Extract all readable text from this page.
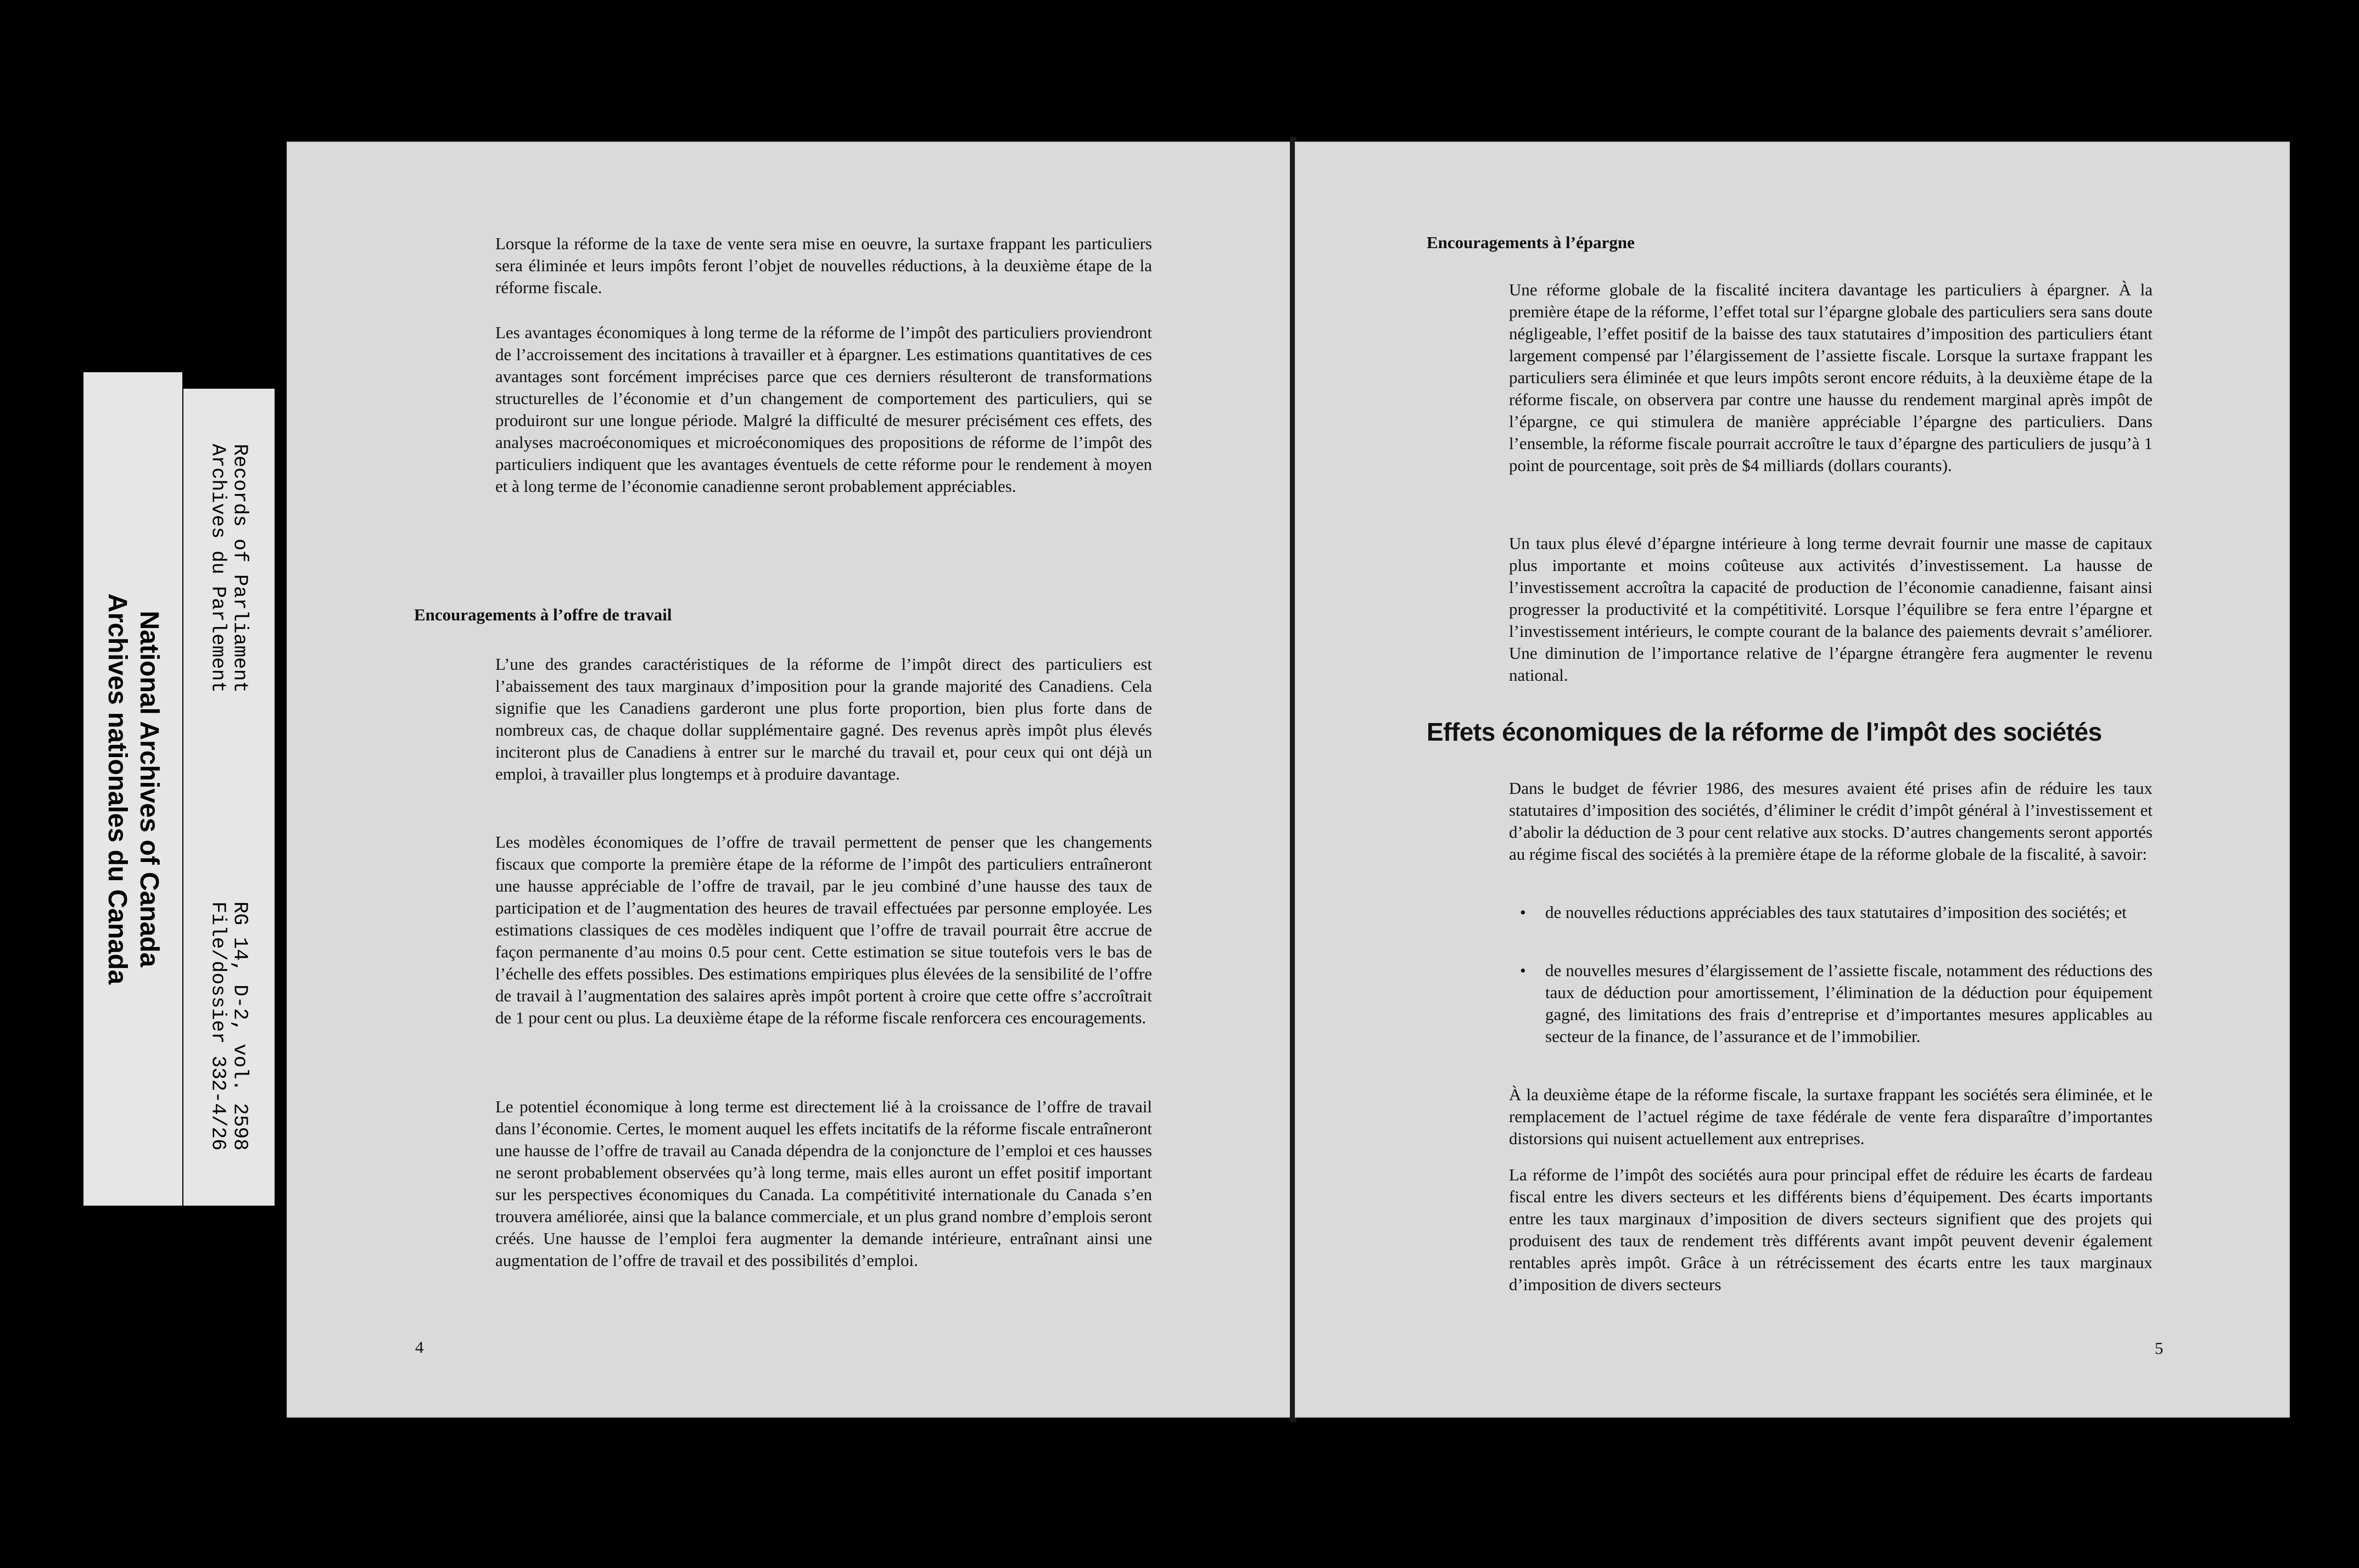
National Archives of Canada
Archives nationales du Canada
Records of Parliament
Archives du Parlement
RG 14, D-2, vol. 2598
File/dossier 332-4/26

Lorsque la réforme de la taxe de vente sera mise en oeuvre, la surtaxe frappant les particuliers sera éliminée et leurs impôts feront l’objet de nouvelles réductions, à la deuxième étape de la réforme fiscale.

Les avantages économiques à long terme de la réforme de l’impôt des particuliers proviendront de l’accroissement des incitations à travailler et à épargner. Les estimations quantitatives de ces avantages sont forcément imprécises parce que ces derniers résulteront de transformations structurelles de l’économie et d’un changement de comportement des particuliers, qui se produiront sur une longue période. Malgré la difficulté de mesurer précisément ces effets, des analyses macroéconomiques et microéconomiques des propositions de réforme de l’impôt des particuliers indiquent que les avantages éventuels de cette réforme pour le rendement à moyen et à long terme de l’économie canadienne seront probablement appréciables.

Encouragements à l’offre de travail

L’une des grandes caractéristiques de la réforme de l’impôt direct des particuliers est l’abaissement des taux marginaux d’imposition pour la grande majorité des Canadiens. Cela signifie que les Canadiens garderont une plus forte proportion, bien plus forte dans de nombreux cas, de chaque dollar supplémentaire gagné. Des revenus après impôt plus élevés inciteront plus de Canadiens à entrer sur le marché du travail et, pour ceux qui ont déjà un emploi, à travailler plus longtemps et à produire davantage.

Les modèles économiques de l’offre de travail permettent de penser que les changements fiscaux que comporte la première étape de la réforme de l’impôt des particuliers entraîneront une hausse appréciable de l’offre de travail, par le jeu combiné d’une hausse des taux de participation et de l’augmentation des heures de travail effectuées par personne employée. Les estimations classiques de ces modèles indiquent que l’offre de travail pourrait être accrue de façon permanente d’au moins 0.5 pour cent. Cette estimation se situe toutefois vers le bas de l’échelle des effets possibles. Des estimations empiriques plus élevées de la sensibilité de l’offre de travail à l’augmentation des salaires après impôt portent à croire que cette offre s’accroîtrait de 1 pour cent ou plus. La deuxième étape de la réforme fiscale renforcera ces encouragements.

Le potentiel économique à long terme est directement lié à la croissance de l’offre de travail dans l’économie. Certes, le moment auquel les effets incitatifs de la réforme fiscale entraîneront une hausse de l’offre de travail au Canada dépendra de la conjoncture de l’emploi et ces hausses ne seront probablement observées qu’à long terme, mais elles auront un effet positif important sur les perspectives économiques du Canada. La compétitivité internationale du Canada s’en trouvera améliorée, ainsi que la balance commerciale, et un plus grand nombre d’emplois seront créés. Une hausse de l’emploi fera augmenter la demande intérieure, entraînant ainsi une augmentation de l’offre de travail et des possibilités d’emploi.

4
Encouragements à l’épargne

Une réforme globale de la fiscalité incitera davantage les particuliers à épargner. À la première étape de la réforme, l’effet total sur l’épargne globale des particuliers sera sans doute négligeable, l’effet positif de la baisse des taux statutaires d’imposition des particuliers étant largement compensé par l’élargissement de l’assiette fiscale. Lorsque la surtaxe frappant les particuliers sera éliminée et que leurs impôts seront encore réduits, à la deuxième étape de la réforme fiscale, on observera par contre une hausse du rendement marginal après impôt de l’épargne, ce qui stimulera de manière appréciable l’épargne des particuliers. Dans l’ensemble, la réforme fiscale pourrait accroître le taux d’épargne des particuliers de jusqu’à 1 point de pourcentage, soit près de $4 milliards (dollars courants).

Un taux plus élevé d’épargne intérieure à long terme devrait fournir une masse de capitaux plus importante et moins coûteuse aux activités d’investissement. La hausse de l’investissement accroîtra la capacité de production de l’économie canadienne, faisant ainsi progresser la productivité et la compétitivité. Lorsque l’équilibre se fera entre l’épargne et l’investissement intérieurs, le compte courant de la balance des paiements devrait s’améliorer. Une diminution de l’importance relative de l’épargne étrangère fera augmenter le revenu national.

Effets économiques de la réforme de l’impôt des sociétés

Dans le budget de février 1986, des mesures avaient été prises afin de réduire les taux statutaires d’imposition des sociétés, d’éliminer le crédit d’impôt général à l’investissement et d’abolir la déduction de 3 pour cent relative aux stocks. D’autres changements seront apportés au régime fiscal des sociétés à la première étape de la réforme globale de la fiscalité, à savoir:

• de nouvelles réductions appréciables des taux statutaires d’imposition des sociétés; et
• de nouvelles mesures d’élargissement de l’assiette fiscale, notamment des réductions des taux de déduction pour amortissement, l’élimination de la déduction pour équipement gagné, des limitations des frais d’entreprise et d’importantes mesures applicables au secteur de la finance, de l’assurance et de l’immobilier.

À la deuxième étape de la réforme fiscale, la surtaxe frappant les sociétés sera éliminée, et le remplacement de l’actuel régime de taxe fédérale de vente fera disparaître d’importantes distorsions qui nuisent actuellement aux entreprises.

La réforme de l’impôt des sociétés aura pour principal effet de réduire les écarts de fardeau fiscal entre les divers secteurs et les différents biens d’équipement. Des écarts importants entre les taux marginaux d’imposition de divers secteurs signifient que des projets qui produisent des taux de rendement très différents avant impôt peuvent devenir également rentables après impôt. Grâce à un rétrécissement des écarts entre les taux marginaux d’imposition de divers secteurs

5
